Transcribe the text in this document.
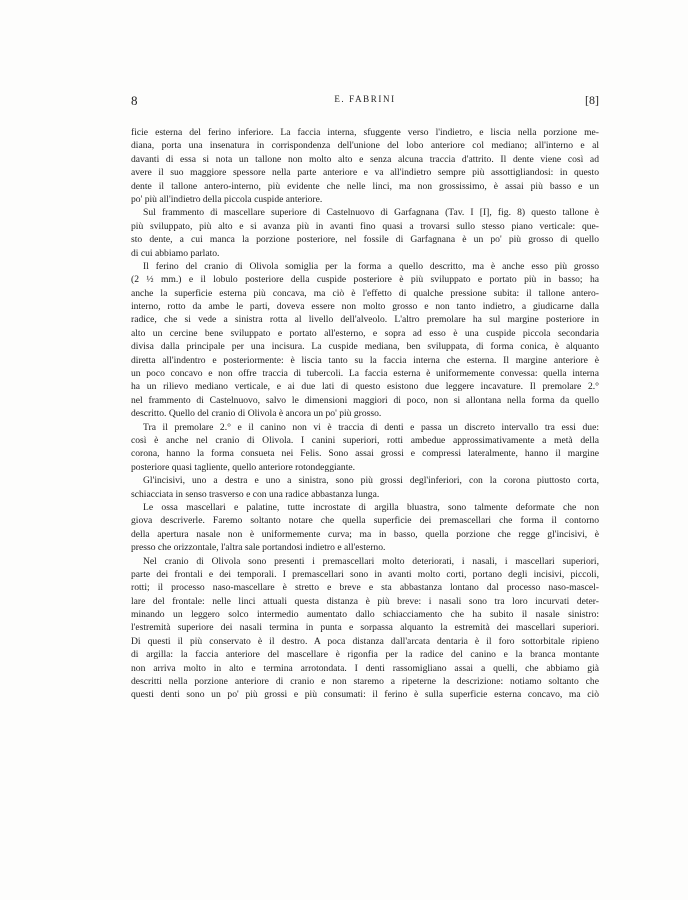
8	E. FABRINI	[8]
ficie esterna del ferino inferiore. La faccia interna, sfuggente verso l'indietro, e liscia nella porzione me-
diana, porta una insenatura in corrispondenza dell'unione del lobo anteriore col mediano; all'interno e al
davanti di essa si nota un tallone non molto alto e senza alcuna traccia d'attrito. Il dente viene così ad
avere il suo maggiore spessore nella parte anteriore e va all'indietro sempre più assottigliandosi: in questo
dente il tallone antero-interno, più evidente che nelle linci, ma non grossissimo, è assai più basso e un
po' più all'indietro della piccola cuspide anteriore.
Sul frammento di mascellare superiore di Castelnuovo di Garfagnana (Tav. I [I], fig. 8) questo tallone è
più sviluppato, più alto e si avanza più in avanti fino quasi a trovarsi sullo stesso piano verticale: que-
sto dente, a cui manca la porzione posteriore, nel fossile di Garfagnana è un po' più grosso di quello
di cui abbiamo parlato.
Il ferino del cranio di Olivola somiglia per la forma a quello descritto, ma è anche esso più grosso
(2 ½ mm.) e il lobulo posteriore della cuspide posteriore è più sviluppato e portato più in basso; ha
anche la superficie esterna più concava, ma ciò è l'effetto di qualche pressione subita: il tallone antero-
interno, rotto da ambe le parti, doveva essere non molto grosso e non tanto indietro, a giudicarne dalla
radice, che si vede a sinistra rotta al livello dell'alveolo. L'altro premolare ha sul margine posteriore in
alto un cercine bene sviluppato e portato all'esterno, e sopra ad esso è una cuspide piccola secondaria
divisa dalla principale per una incisura. La cuspide mediana, ben sviluppata, di forma conica, è alquanto
diretta all'indentro e posteriormente: è liscia tanto su la faccia interna che esterna. Il margine anteriore è
un poco concavo e non offre traccia di tubercoli. La faccia esterna è uniformemente convessa: quella interna
ha un rilievo mediano verticale, e ai due lati di questo esistono due leggere incavature. Il premolare 2.°
nel frammento di Castelnuovo, salvo le dimensioni maggiori di poco, non si allontana nella forma da quello
descritto. Quello del cranio di Olivola è ancora un po' più grosso.
Tra il premolare 2.° e il canino non vi è traccia di denti e passa un discreto intervallo tra essi due:
così è anche nel cranio di Olivola. I canini superiori, rotti ambedue approssimativamente a metà della
corona, hanno la forma consueta nei Felis. Sono assai grossi e compressi lateralmente, hanno il margine
posteriore quasi tagliente, quello anteriore rotondeggiante.
Gl'incisivi, uno a destra e uno a sinistra, sono più grossi degl'inferiori, con la corona piuttosto corta,
schiacciata in senso trasverso e con una radice abbastanza lunga.
Le ossa mascellari e palatine, tutte incrostate di argilla bluastra, sono talmente deformate che non
giova descriverle. Faremo soltanto notare che quella superficie dei premascellari che forma il contorno
della apertura nasale non è uniformemente curva; ma in basso, quella porzione che regge gl'incisivi, è
presso che orizzontale, l'altra sale portandosi indietro e all'esterno.
Nel cranio di Olivola sono presenti i premascellari molto deteriorati, i nasali, i mascellari superiori,
parte dei frontali e dei temporali. I premascellari sono in avanti molto corti, portano degli incisivi, piccoli,
rotti; il processo naso-mascellare è stretto e breve e sta abbastanza lontano dal processo naso-mascel-
lare del frontale: nelle linci attuali questa distanza è più breve: i nasali sono tra loro incurvati deter-
minando un leggero solco intermedio aumentato dallo schiacciamento che ha subito il nasale sinistro:
l'estremità superiore dei nasali termina in punta e sorpassa alquanto la estremità dei mascellari superiori.
Di questi il più conservato è il destro. A poca distanza dall'arcata dentaria è il foro sottorbitale ripieno
di argilla: la faccia anteriore del mascellare è rigonfia per la radice del canino e la branca montante
non arriva molto in alto e termina arrotondata. I denti rassomigliano assai a quelli, che abbiamo già
descritti nella porzione anteriore di cranio e non staremo a ripeterne la descrizione: notiamo soltanto che
questi denti sono un po' più grossi e più consumati: il ferino è sulla superficie esterna concavo, ma ciò
